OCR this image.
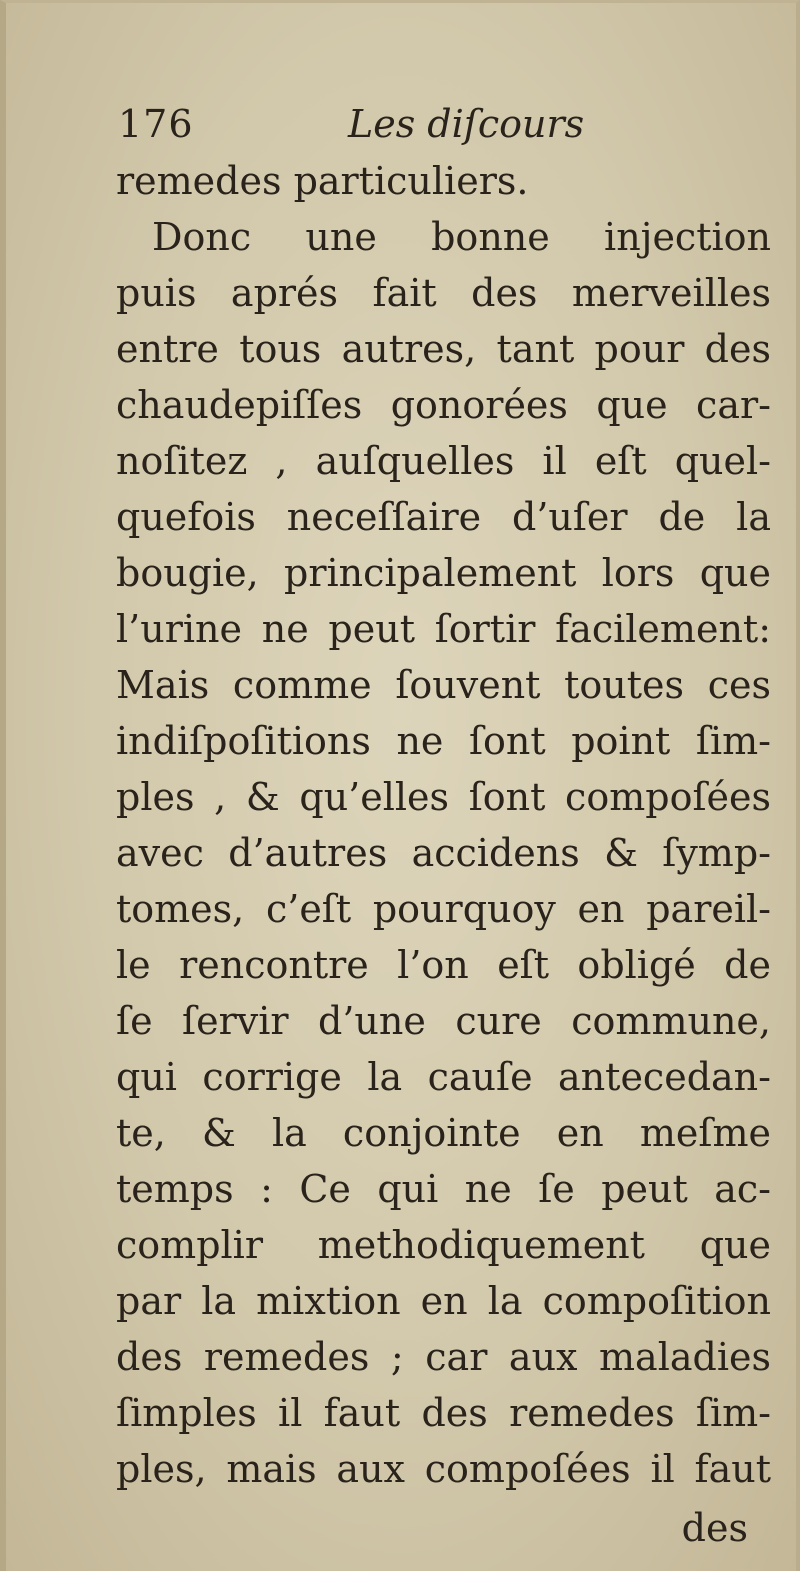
176	Les diſcours
remedes particuliers.
Donc une bonne injection
puis aprés fait des merveilles
entre tous autres, tant pour des
chaudepiſſes gonorées que car-
noſitez , auſquelles il eſt quel-
quefois neceſſaire d’uſer de la
bougie, principalement lors que
l’urine ne peut ſortir facilement:
Mais comme ſouvent toutes ces
indiſpoſitions ne ſont point ſim-
ples , & qu’elles ſont compoſées
avec d’autres accidens & ſymp-
tomes, c’eſt pourquoy en pareil-
le rencontre l’on eſt obligé de
ſe ſervir d’une cure commune,
qui corrige la cauſe antecedan-
te, & la conjointe en meſme
temps : Ce qui ne ſe peut ac-
complir methodiquement que
par la mixtion en la compoſition
des remedes ; car aux maladies
ſimples il faut des remedes ſim-
ples, mais aux compoſées il faut
des
